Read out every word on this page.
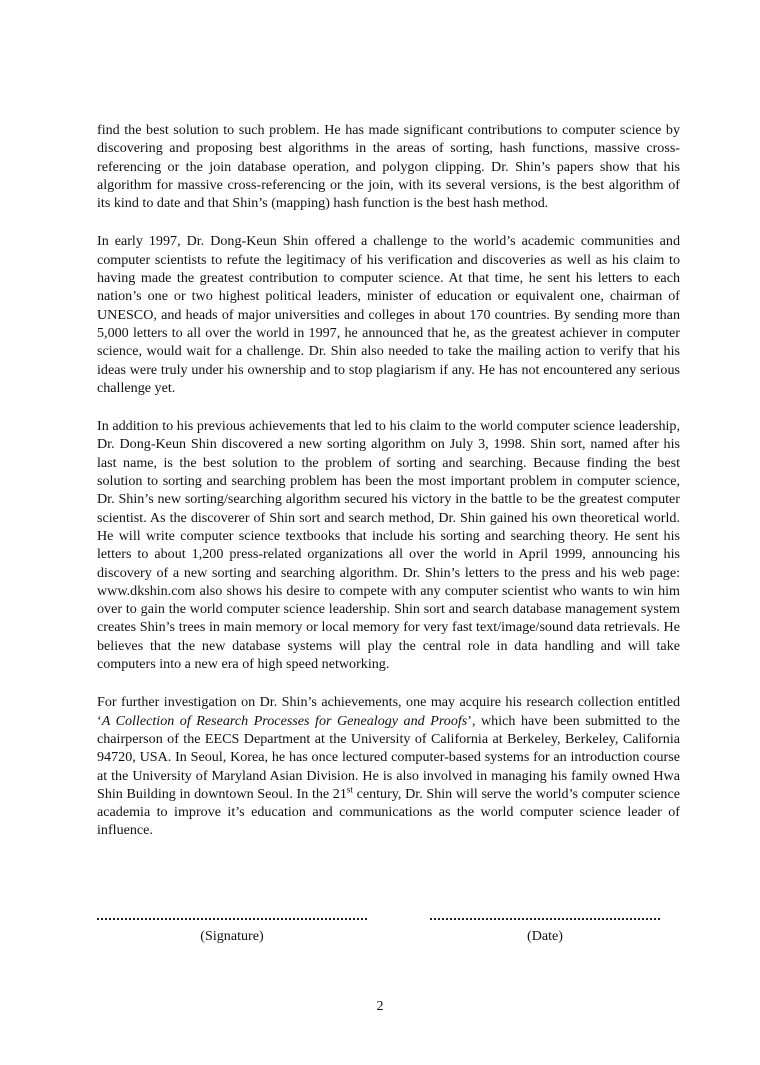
find the best solution to such problem. He has made significant contributions to computer science by discovering and proposing best algorithms in the areas of sorting, hash functions, massive cross-referencing or the join database operation, and polygon clipping. Dr. Shin’s papers show that his algorithm for massive cross-referencing or the join, with its several versions, is the best algorithm of its kind to date and that Shin’s (mapping) hash function is the best hash method.

In early 1997, Dr. Dong-Keun Shin offered a challenge to the world’s academic communities and computer scientists to refute the legitimacy of his verification and discoveries as well as his claim to having made the greatest contribution to computer science. At that time, he sent his letters to each nation’s one or two highest political leaders, minister of education or equivalent one, chairman of UNESCO, and heads of major universities and colleges in about 170 countries. By sending more than 5,000 letters to all over the world in 1997, he announced that he, as the greatest achiever in computer science, would wait for a challenge. Dr. Shin also needed to take the mailing action to verify that his ideas were truly under his ownership and to stop plagiarism if any. He has not encountered any serious challenge yet.

In addition to his previous achievements that led to his claim to the world computer science leadership, Dr. Dong-Keun Shin discovered a new sorting algorithm on July 3, 1998. Shin sort, named after his last name, is the best solution to the problem of sorting and searching. Because finding the best solution to sorting and searching problem has been the most important problem in computer science, Dr. Shin’s new sorting/searching algorithm secured his victory in the battle to be the greatest computer scientist. As the discoverer of Shin sort and search method, Dr. Shin gained his own theoretical world. He will write computer science textbooks that include his sorting and searching theory. He sent his letters to about 1,200 press-related organizations all over the world in April 1999, announcing his discovery of a new sorting and searching algorithm. Dr. Shin’s letters to the press and his web page: www.dkshin.com also shows his desire to compete with any computer scientist who wants to win him over to gain the world computer science leadership. Shin sort and search database management system creates Shin’s trees in main memory or local memory for very fast text/image/sound data retrievals. He believes that the new database systems will play the central role in data handling and will take computers into a new era of high speed networking.

For further investigation on Dr. Shin’s achievements, one may acquire his research collection entitled ‘A Collection of Research Processes for Genealogy and Proofs’, which have been submitted to the chairperson of the EECS Department at the University of California at Berkeley, Berkeley, California 94720, USA. In Seoul, Korea, he has once lectured computer-based systems for an introduction course at the University of Maryland Asian Division. He is also involved in managing his family owned Hwa Shin Building in downtown Seoul. In the 21st century, Dr. Shin will serve the world’s computer science academia to improve it’s education and communications as the world computer science leader of influence.

(Signature)	(Date)
2
